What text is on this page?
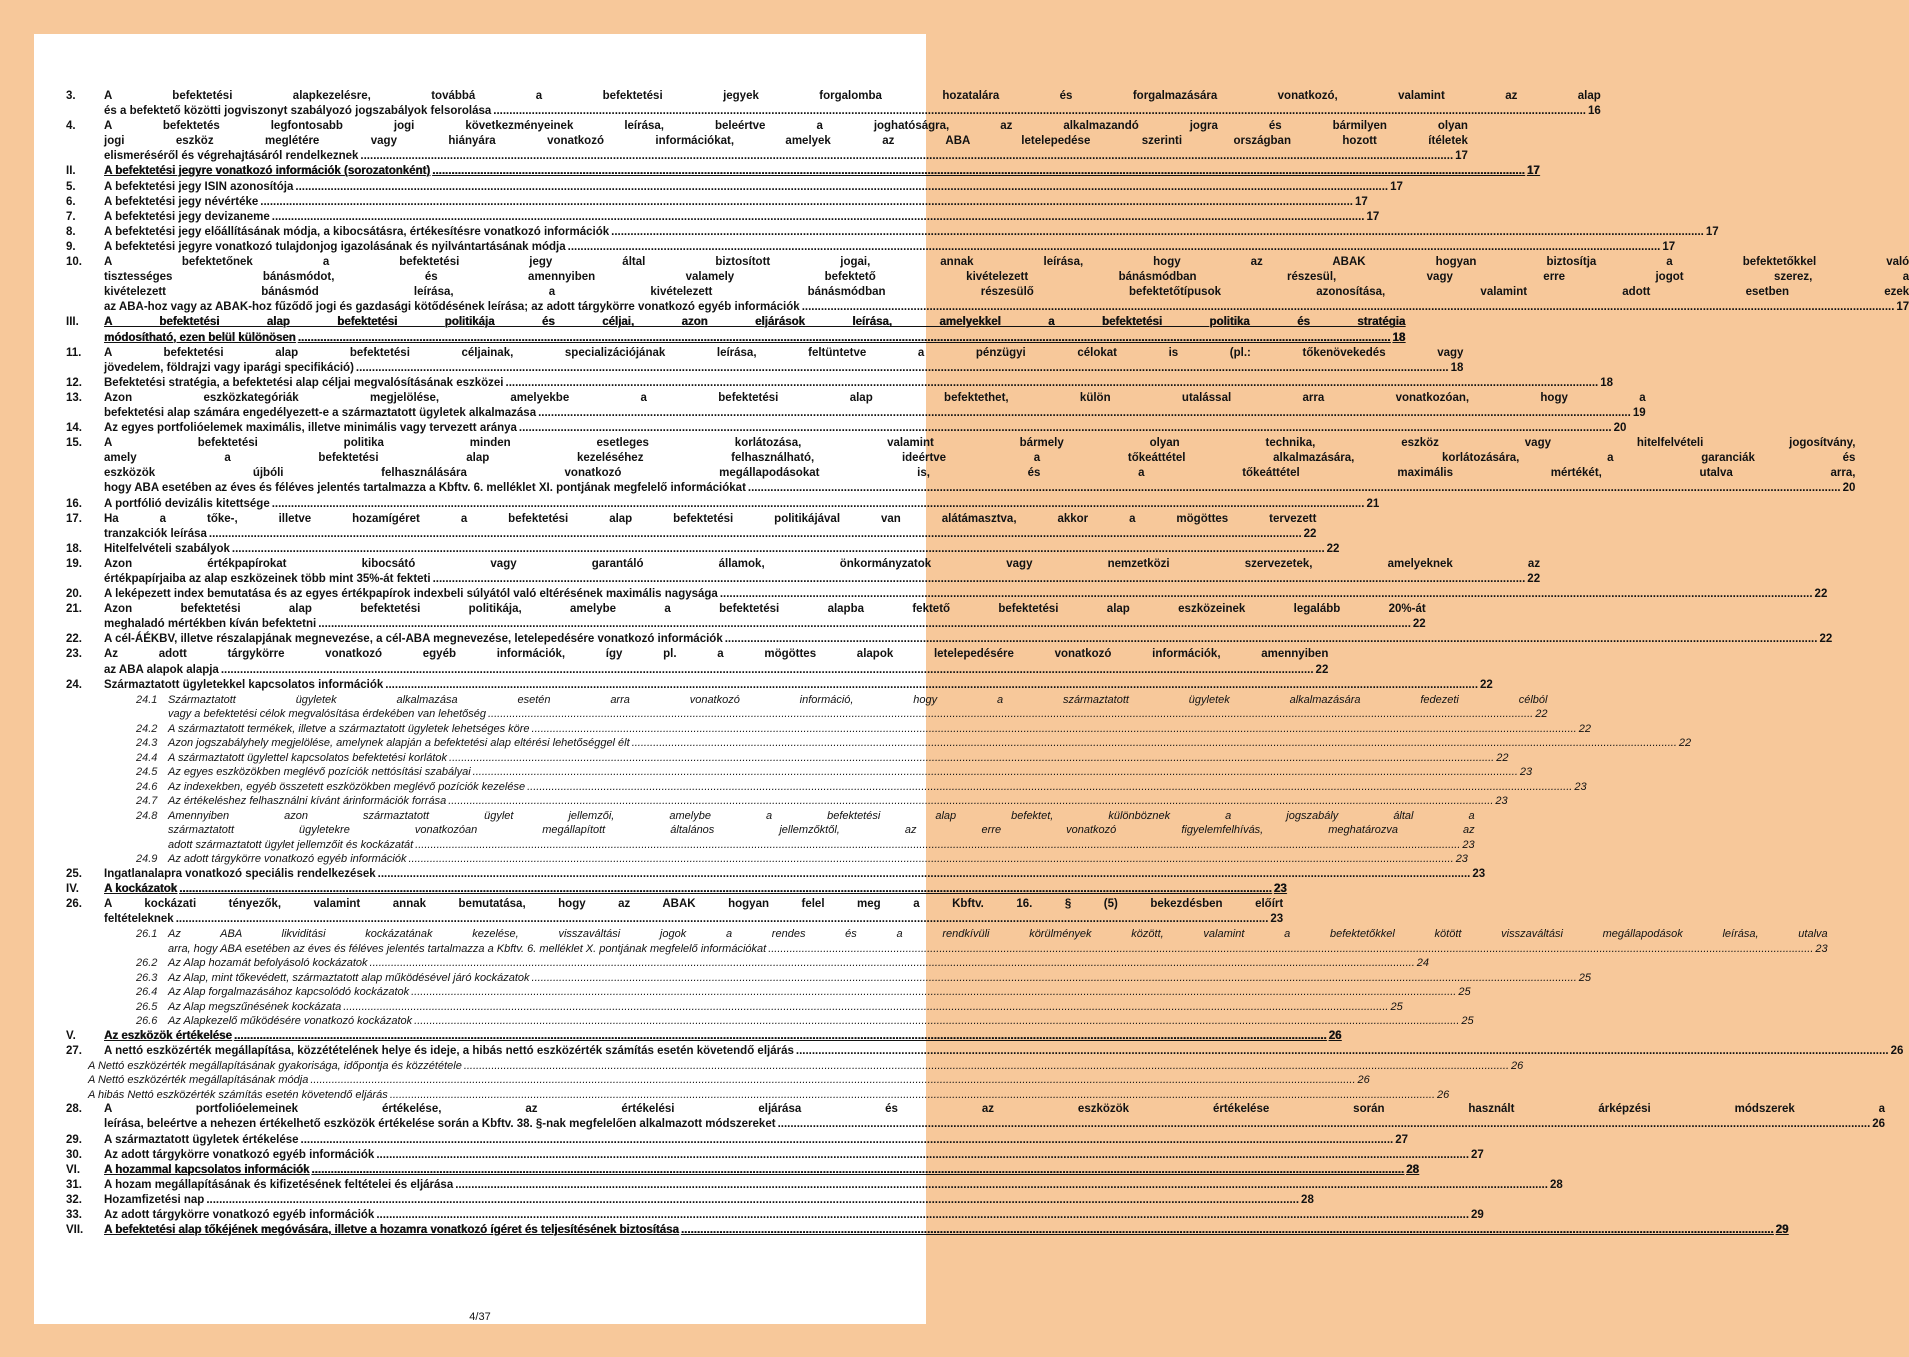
3.	A befektetési alapkezelésre, továbbá a befektetési jegyek forgalomba hozatalára és forgalmazására vonatkozó, valamint az alap
és a befektető közötti jogviszonyt szabályozó jogszabályok felsorolása .....	16
4.	A befektetés legfontosabb jogi következményeinek leírása, beleértve a joghatóságra, az alkalmazandó jogra és bármilyen olyan
jogi eszköz meglétére vagy hiányára vonatkozó információkat, amelyek az ABA letelepedése szerinti országban hozott ítéletek
elismeréséről és végrehajtásáról rendelkeznek .....	17
II.	A befektetési jegyre vonatkozó információk (sorozatonként) .....	17
5.	A befektetési jegy ISIN azonosítója .....	17
6.	A befektetési jegy névértéke .....	17
7.	A befektetési jegy devizaneme .....	17
8.	A befektetési jegy előállításának módja, a kibocsátásra, értékesítésre vonatkozó információk .....	17
9.	A befektetési jegyre vonatkozó tulajdonjog igazolásának és nyilvántartásának módja .....	17
10.	A befektetőnek a befektetési jegy által biztosított jogai, annak leírása, hogy az ABAK hogyan biztosítja a befektetőkkel való
tisztességes bánásmódot, és amennyiben valamely befektető kivételezett bánásmódban részesül, vagy erre jogot szerez, a
kivételezett bánásmód leírása, a kivételezett bánásmódban részesülő befektetőtípusok azonosítása, valamint adott esetben ezek
az ABA-hoz vagy az ABAK-hoz fűződő jogi és gazdasági kötődésének leírása; az adott tárgykörre vonatkozó egyéb információk .....	17
III.	A befektetési alap befektetési politikája és céljai, azon eljárások leírása, amelyekkel a befektetési politika és stratégia
módosítható, ezen belül különösen .....	18
11.	A befektetési alap befektetési céljainak, specializációjának leírása, feltüntetve a pénzügyi célokat is (pl.: tőkenövekedés vagy
jövedelem, földrajzi vagy iparági specifikáció) .....	18
12.	Befektetési stratégia, a befektetési alap céljai megvalósításának eszközei .....	18
13.	Azon eszközkategóriák megjelölése, amelyekbe a befektetési alap befektethet, külön utalással arra vonatkozóan, hogy a
befektetési alap számára engedélyezett-e a származtatott ügyletek alkalmazása .....	19
14.	Az egyes portfolióelemek maximális, illetve minimális vagy tervezett aránya .....	20
15.	A befektetési politika minden esetleges korlátozása, valamint bármely olyan technika, eszköz vagy hitelfelvételi jogosítvány,
amely a befektetési alap kezeléséhez felhasználható, ideértve a tőkeáttétel alkalmazására, korlátozására, a garanciák és
eszközök újbóli felhasználására vonatkozó megállapodásokat is, és a tőkeáttétel maximális mértékét, utalva arra,
hogy ABA esetében az éves és féléves jelentés tartalmazza a Kbftv. 6. melléklet XI. pontjának megfelelő információkat .....	20
16.	A portfólió devizális kitettsége .....	21
17.	Ha a tőke-, illetve hozamígéret a befektetési alap befektetési politikájával van alátámasztva, akkor a mögöttes tervezett
tranzakciók leírása .....	22
18.	Hitelfelvételi szabályok .....	22
19.	Azon értékpapírokat kibocsátó vagy garantáló államok, önkormányzatok vagy nemzetközi szervezetek, amelyeknek az
értékpapírjaiba az alap eszközeinek több mint 35%-át fekteti .....	22
20.	A leképezett index bemutatása és az egyes értékpapírok indexbeli súlyától való eltérésének maximális nagysága .....	22
21.	Azon befektetési alap befektetési politikája, amelybe a befektetési alapba fektető befektetési alap eszközeinek legalább 20%-át
meghaladó mértékben kíván befektetni .....	22
22.	A cél-ÁÉKBV, illetve részalapjának megnevezése, a cél-ABA megnevezése, letelepedésére vonatkozó információk .....	22
23.	Az adott tárgykörre vonatkozó egyéb információk, így pl. a mögöttes alapok letelepedésére vonatkozó információk, amennyiben
az ABA alapok alapja .....	22
24.	Származtatott ügyletekkel kapcsolatos információk .....	22
24.1 Származtatott ügyletek alkalmazása esetén arra vonatkozó információ, hogy a származtatott ügyletek alkalmazására fedezeti célból
vagy a befektetési célok megvalósítása érdekében van lehetőség .....	22
24.2 A származtatott termékek, illetve a származtatott ügyletek lehetséges köre .....	22
24.3 Azon jogszabályhely megjelölése, amelynek alapján a befektetési alap eltérési lehetőséggel élt .....	22
24.4 A származtatott ügylettel kapcsolatos befektetési korlátok .....	22
24.5 Az egyes eszközökben meglévő pozíciók nettósítási szabályai .....	23
24.6 Az indexekben, egyéb összetett eszközökben meglévő pozíciók kezelése .....	23
24.7 Az értékeléshez felhasználni kívánt árinformációk forrása .....	23
24.8 Amennyiben azon származtatott ügylet jellemzői, amelybe a befektetési alap befektet, különböznek a jogszabály által a
származtatott ügyletekre vonatkozóan megállapított általános jellemzőktől, az erre vonatkozó figyelemfelhívás, meghatározva az
adott származtatott ügylet jellemzőit és kockázatát .....	23
24.9 Az adott tárgykörre vonatkozó egyéb információk .....	23
25.	Ingatlanalapra vonatkozó speciális rendelkezések .....	23
IV.	A kockázatok .....	23
26.	A kockázati tényezők, valamint annak bemutatása, hogy az ABAK hogyan felel meg a Kbftv. 16. § (5) bekezdésben előírt
feltételeknek .....	23
26.1 Az ABA likviditási kockázatának kezelése, visszaváltási jogok a rendes és a rendkívüli körülmények között, valamint a befektetőkkel kötött visszaváltási megállapodások leírása, utalva
arra, hogy ABA esetében az éves és féléves jelentés tartalmazza a Kbftv. 6. melléklet X. pontjának megfelelő információkat .....	23
26.2 Az Alap hozamát befolyásoló kockázatok .....	24
26.3 Az Alap, mint tőkevédett, származtatott alap működésével járó kockázatok .....	25
26.4 Az Alap forgalmazásához kapcsolódó kockázatok .....	25
26.5 Az Alap megszűnésének kockázata .....	25
26.6 Az Alapkezelő működésére vonatkozó kockázatok .....	25
V.	Az eszközök értékelése .....	26
27.	A nettó eszközérték megállapítása, közzétételének helye és ideje, a hibás nettó eszközérték számítás esetén követendő eljárás .....	26
A Nettó eszközérték megállapításának gyakorisága, időpontja és közzététele .....	26
A Nettó eszközérték megállapításának módja .....	26
A hibás Nettó eszközérték számítás esetén követendő eljárás .....	26
28.	A portfolióelemeinek értékelése, az értékelési eljárása és az eszközök értékelése során használt árképzési módszerek a
leírása, beleértve a nehezen értékelhető eszközök értékelése során a Kbftv. 38. §-nak megfelelően alkalmazott módszereket .....	26
29.	A származtatott ügyletek értékelése .....	27
30.	Az adott tárgykörre vonatkozó egyéb információk .....	27
VI.	A hozammal kapcsolatos információk .....	28
31.	A hozam megállapításának és kifizetésének feltételei és eljárása .....	28
32.	Hozamfizetési nap .....	28
33.	Az adott tárgykörre vonatkozó egyéb információk .....	29
VII.	A befektetési alap tőkéjének megóvására, illetve a hozamra vonatkozó ígéret és teljesítésének biztosítása .....	29
4/37
